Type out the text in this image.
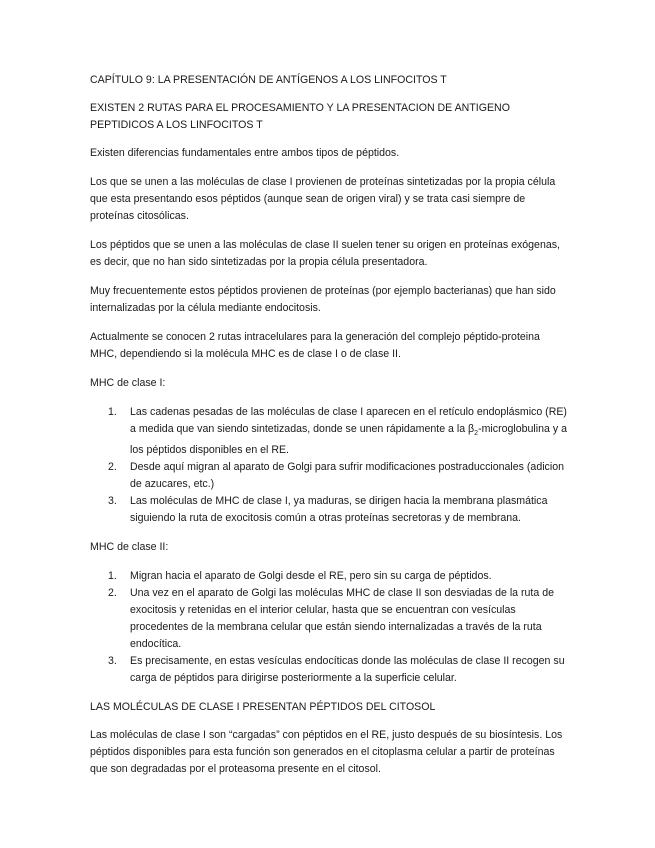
CAPÍTULO 9: LA PRESENTACIÓN DE ANTÍGENOS A LOS LINFOCITOS T

EXISTEN 2 RUTAS PARA EL PROCESAMIENTO Y LA PRESENTACION DE ANTIGENO PEPTIDICOS A LOS LINFOCITOS T

Existen diferencias fundamentales entre ambos tipos de péptidos.

Los que se unen a las moléculas de clase I provienen de proteínas sintetizadas por la propia célula que esta presentando esos péptidos (aunque sean de origen viral) y se trata casi siempre de proteínas citosólicas.

Los péptidos que se unen a las moléculas de clase II suelen tener su origen en proteínas exógenas, es decir, que no han sido sintetizadas por la propia célula presentadora.

Muy frecuentemente estos péptidos provienen de proteínas (por ejemplo bacterianas) que han sido internalizadas por la célula mediante endocitosis.

Actualmente se conocen 2 rutas intracelulares para la generación del complejo péptido-proteina MHC, dependiendo si la molécula MHC es de clase I o de clase II.

MHC de clase I:

1. Las cadenas pesadas de las moléculas de clase I aparecen en el retículo endoplásmico (RE) a medida que van siendo sintetizadas, donde se unen rápidamente a la $\beta_2$-microglobulina y a los péptidos disponibles en el RE.
2. Desde aquí migran al aparato de Golgi para sufrir modificaciones postraduccionales (adicion de azucares, etc.)
3. Las moléculas de MHC de clase I, ya maduras, se dirigen hacia la membrana plasmática siguiendo la ruta de exocitosis común a otras proteínas secretoras y de membrana.

MHC de clase II:

1. Migran hacia el aparato de Golgi desde el RE, pero sin su carga de péptidos.
2. Una vez en el aparato de Golgi las moléculas MHC de clase II son desviadas de la ruta de exocitosis y retenidas en el interior celular, hasta que se encuentran con vesículas procedentes de la membrana celular que están siendo internalizadas a través de la ruta endocítica.
3. Es precisamente, en estas vesículas endocíticas donde las moléculas de clase II recogen su carga de péptidos para dirigirse posteriormente a la superficie celular.

LAS MOLÉCULAS DE CLASE I PRESENTAN PÉPTIDOS DEL CITOSOL

Las moléculas de clase I son “cargadas” con péptidos en el RE, justo después de su biosíntesis. Los péptidos disponibles para esta función son generados en el citoplasma celular a partir de proteínas que son degradadas por el proteasoma presente en el citosol.
